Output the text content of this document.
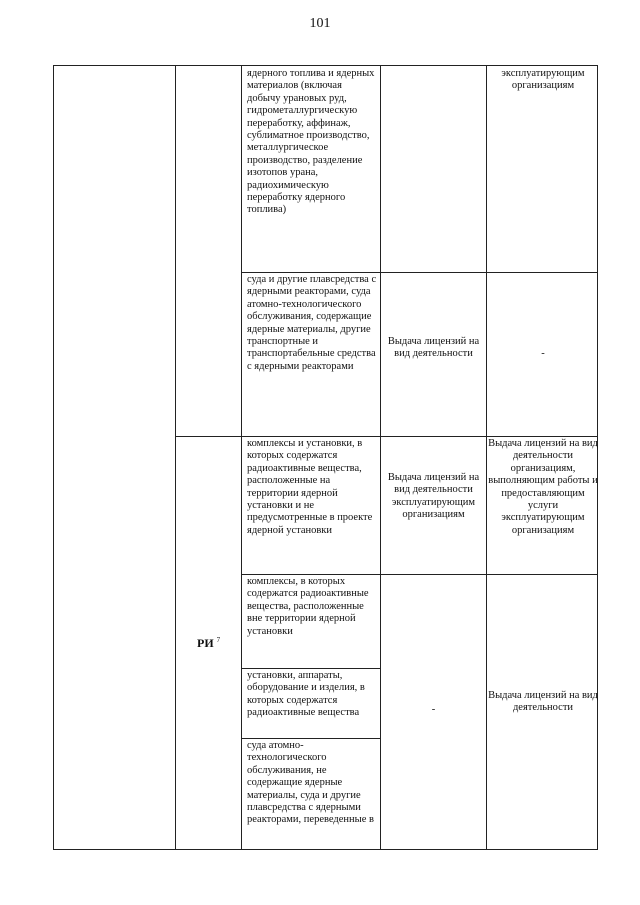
101
ядерного топлива и ядерных материалов (включая добычу урановых руд, гидрометаллургическую переработку, аффинаж, сублиматное производство, металлургическое производство, разделение изотопов урана, радиохимическую переработку ядерного топлива)
эксплуатирующим организациям
суда и другие плавсредства с ядерными реакторами, суда атомно-технологического обслуживания, содержащие ядерные материалы, другие транспортные и транспортабельные средства с ядерными реакторами
Выдача лицензий на вид деятельности	-
комплексы и установки, в которых содержатся радиоактивные вещества, расположенные на территории ядерной установки и не предусмотренные в проекте ядерной установки
Выдача лицензий на вид деятельности эксплуатирующим организациям
Выдача лицензий на вид деятельности организациям, выполняющим работы и предоставляющим услуги эксплуатирующим организациям
РИ $^7$
комплексы, в которых содержатся радиоактивные вещества, расположенные вне территории ядерной установки
установки, аппараты, оборудование и изделия, в которых содержатся радиоактивные вещества
суда атомно-технологического обслуживания, не содержащие ядерные материалы, суда и другие плавсредства с ядерными реакторами, переведенные в
-
Выдача лицензий на вид деятельности
